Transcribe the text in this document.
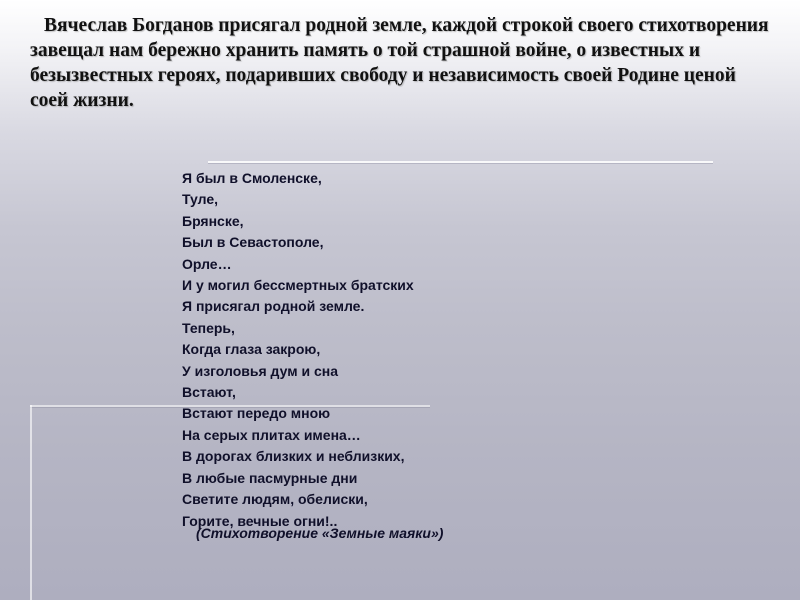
Вячеслав Богданов присягал родной земле, каждой строкой своего стихотворения завещал нам бережно хранить память о той страшной войне, о известных и безызвестных героях, подаривших свободу и независимость своей Родине ценой соей жизни.

Я был в Смоленске,
Туле,
Брянске,
Был в Севастополе,
Орле…
И у могил бессмертных братских
Я присягал родной земле.
Теперь,
Когда глаза закрою,
У изголовья дум и сна
Встают,
Встают передо мною
На серых плитах имена…
В дорогах близких и неблизких,
В любые пасмурные дни
Светите людям, обелиски,
Горите, вечные огни!..
(Стихотворение «Земные маяки»)
